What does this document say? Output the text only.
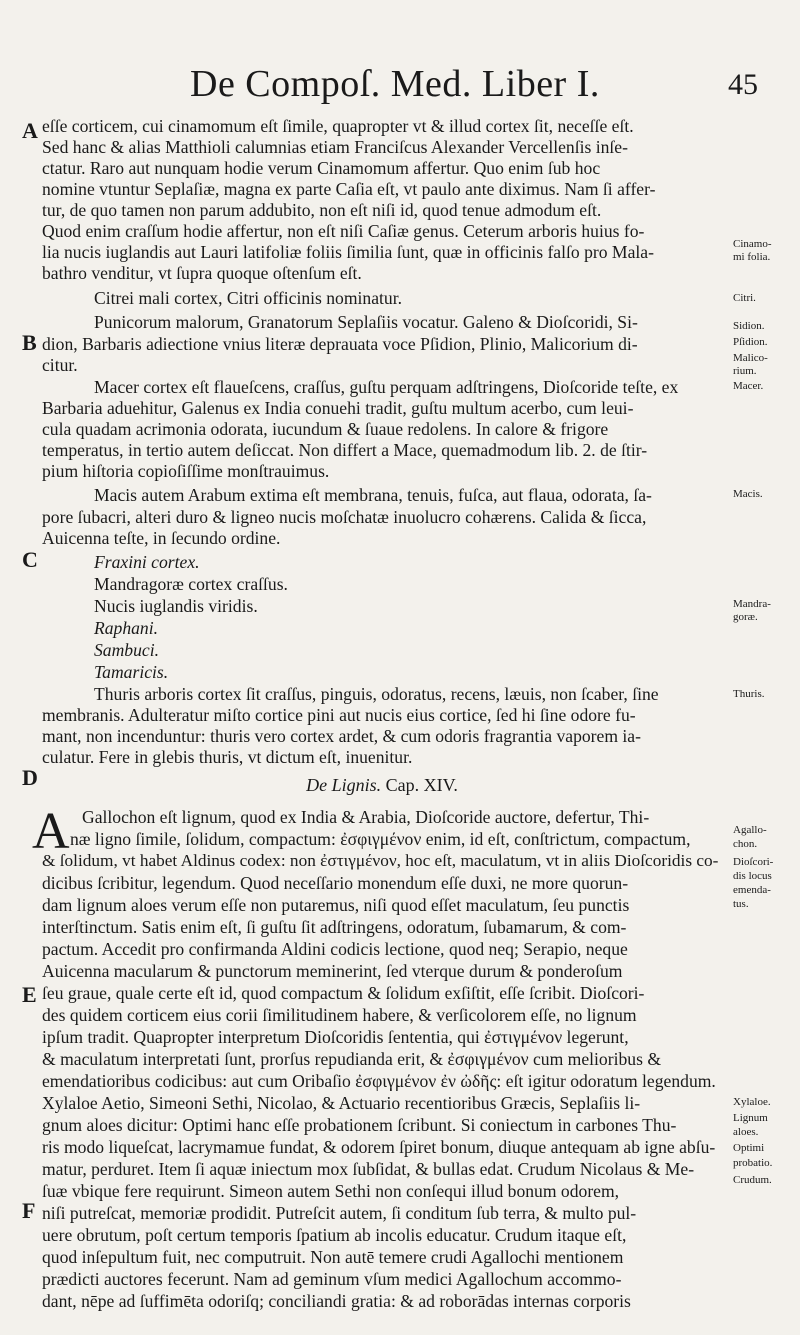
De Compoſ. Med. Liber I.	45
A
B
C
D
E
F
A
eſſe corticem, cui cinamomum eſt ſimile, quapropter vt & illud cortex ſit, neceſſe eſt.
Sed hanc & alias Matthioli calumnias etiam Franciſcus Alexander Vercellenſis inſe-
ctatur. Raro aut nunquam hodie verum Cinamomum affertur. Quo enim ſub hoc
nomine vtuntur Seplaſiæ, magna ex parte Caſia eſt, vt paulo ante diximus. Nam ſi affer-
tur, de quo tamen non parum addubito, non eſt niſi id, quod tenue admodum eſt.
Quod enim craſſum hodie affertur, non eſt niſi Caſiæ genus. Ceterum arboris huius fo-
lia nucis iuglandis aut Lauri latifoliæ foliis ſimilia ſunt, quæ in officinis falſo pro Mala-
bathro venditur, vt ſupra quoque oſtenſum eſt.
Citrei mali cortex, Citri officinis nominatur.
Punicorum malorum, Granatorum Seplaſiis vocatur. Galeno & Dioſcoridi, Si-
dion, Barbaris adiectione vnius literæ deprauata voce Pſidion, Plinio, Malicorium di-
citur.
Macer cortex eſt flaueſcens, craſſus, guſtu perquam adſtringens, Dioſcoride teſte, ex
Barbaria aduehitur, Galenus ex India conuehi tradit, guſtu multum acerbo, cum leui-
cula quadam acrimonia odorata, iucundum & ſuaue redolens. In calore & frigore
temperatus, in tertio autem deſiccat. Non differt a Mace, quemadmodum lib. 2. de ſtir-
pium hiſtoria copioſiſſime monſtrauimus.
Macis autem Arabum extima eſt membrana, tenuis, fuſca, aut flaua, odorata, ſa-
pore ſubacri, alteri duro & ligneo nucis moſchatæ inuolucro cohærens. Calida & ſicca,
Auicenna teſte, in ſecundo ordine.
Fraxini cortex.
Mandragoræ cortex craſſus.
Nucis iuglandis viridis.
Raphani.
Sambuci.
Tamaricis.
Thuris arboris cortex ſit craſſus, pinguis, odoratus, recens, læuis, non ſcaber, ſine
membranis. Adulteratur miſto cortice pini aut nucis eius cortice, ſed hi ſine odore fu-
mant, non incenduntur: thuris vero cortex ardet, & cum odoris fragrantia vaporem ia-
culatur. Fere in glebis thuris, vt dictum eſt, inuenitur.
De Lignis. Cap. XIV.
Gallochon eſt lignum, quod ex India & Arabia, Dioſcoride auctore, defertur, Thi-
næ ligno ſimile, ſolidum, compactum: ἐσφιγμένον enim, id eſt, conſtrictum, compactum,
& ſolidum, vt habet Aldinus codex: non ἐστιγμένον, hoc eſt, maculatum, vt in aliis Dioſcoridis co-
dicibus ſcribitur, legendum. Quod neceſſario monendum eſſe duxi, ne more quorun-
dam lignum aloes verum eſſe non putaremus, niſi quod eſſet maculatum, ſeu punctis
interſtinctum. Satis enim eſt, ſi guſtu ſit adſtringens, odoratum, ſubamarum, & com-
pactum. Accedit pro confirmanda Aldini codicis lectione, quod neq; Serapio, neque
Auicenna macularum & punctorum meminerint, ſed vterque durum & ponderoſum
ſeu graue, quale certe eſt id, quod compactum & ſolidum exſiſtit, eſſe ſcribit. Dioſcori-
des quidem corticem eius corii ſimilitudinem habere, & verſicolorem eſſe, no lignum
ipſum tradit. Quapropter interpretum Dioſcoridis ſententia, qui ἐστιγμένον legerunt,
& maculatum interpretati ſunt, prorſus repudianda erit, & ἐσφιγμένον cum melioribus &
emendatioribus codicibus: aut cum Oribaſio ἐσφιγμένον ἐν ὠδῆς: eſt igitur odoratum legendum.
Xylaloe Aetio, Simeoni Sethi, Nicolao, & Actuario recentioribus Græcis, Seplaſiis li-
gnum aloes dicitur: Optimi hanc eſſe probationem ſcribunt. Si coniectum in carbones Thu-
ris modo liqueſcat, lacrymamue fundat, & odorem ſpiret bonum, diuque antequam ab igne abſu-
matur, perduret. Item ſi aquæ iniectum mox ſubſidat, & bullas edat. Crudum Nicolaus & Me-
ſuæ vbique fere requirunt. Simeon autem Sethi non conſequi illud bonum odorem,
niſi putreſcat, memoriæ prodidit. Putreſcit autem, ſi conditum ſub terra, & multo pul-
uere obrutum, poſt certum temporis ſpatium ab incolis educatur. Crudum itaque eſt,
quod inſepultum fuit, nec computruit. Non autē temere crudi Agallochi mentionem
prædicti auctores fecerunt. Nam ad geminum vſum medici Agallochum accommo-
dant, nēpe ad ſuffimēta odoriſq; conciliandi gratia: & ad roborādas internas corporis
Cinamo-
mi folia.
Citri.
Sidion.
Pſidion.
Malico-
rium.
Macer.
Macis.
Mandra-
goræ.
Thuris.
Agallo-
chon.
Dioſcori-
dis locus
emenda-
tus.
Xylaloe.
Lignum
aloes.
Optimi
probatio.
Crudum.
